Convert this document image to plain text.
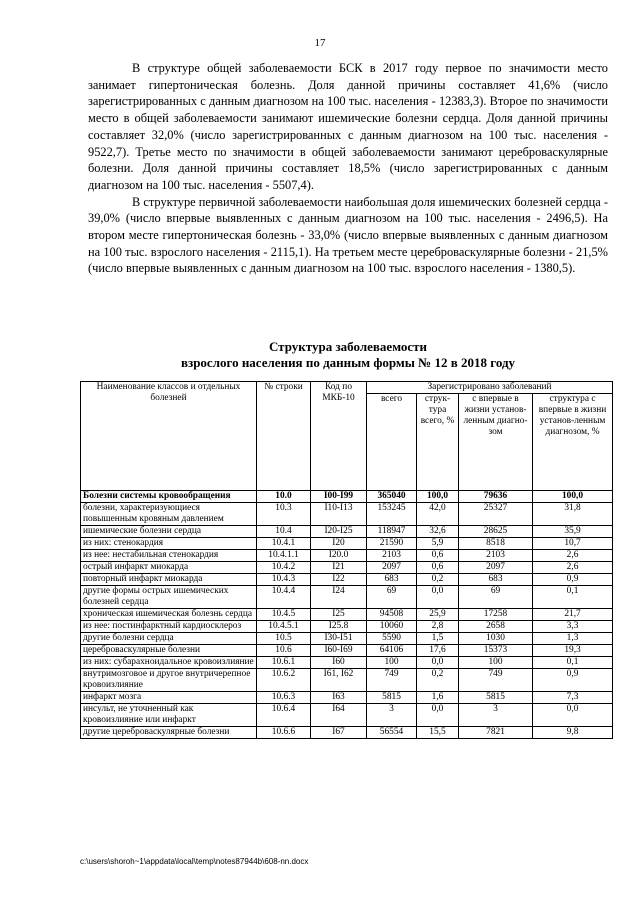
17

В структуре общей заболеваемости БСК в 2017 году первое по значимости место занимает гипертоническая болезнь. Доля данной причины составляет 41,6% (число зарегистрированных с данным диагнозом на 100 тыс. населения - 12383,3). Второе по значимости место в общей заболеваемости занимают ишемические болезни сердца. Доля данной причины составляет 32,0% (число зарегистрированных с данным диагнозом на 100 тыс. населения - 9522,7). Третье место по значимости в общей заболеваемости занимают цереброваскулярные болезни. Доля данной причины составляет 18,5% (число зарегистрированных с данным диагнозом на 100 тыс. населения - 5507,4).

В структуре первичной заболеваемости наибольшая доля ишемических болезней сердца - 39,0% (число впервые выявленных с данным диагнозом на 100 тыс. населения - 2496,5). На втором месте гипертоническая болезнь - 33,0% (число впервые выявленных с данным диагнозом на 100 тыс. взрослого населения - 2115,1). На третьем месте цереброваскулярные болезни - 21,5% (число впервые выявленных с данным диагнозом на 100 тыс. взрослого населения - 1380,5).

Структура заболеваемости
взрослого населения по данным формы № 12 в 2018 году
Наименование классов и отдельных болезней	№ строки	Код по МКБ-10	Зарегистрировано заболеваний			
			всего	струк-тура всего, %	с впервые в жизни установ-ленным диагно-зом	структура с впервые в жизни установ-ленным диагнозом, %
Болезни системы кровообращения	10.0	I00-I99	365040	100,0	79636	100,0
болезни, характеризующиеся повышенным кровяным давлением	10.3	I10-I13	153245	42,0	25327	31,8
ишемические болезни сердца	10.4	I20-I25	118947	32,6	28625	35,9
из них: стенокардия	10.4.1	I20	21590	5,9	8518	10,7
из нее: нестабильная стенокардия	10.4.1.1	I20.0	2103	0,6	2103	2,6
острый инфаркт миокарда	10.4.2	I21	2097	0,6	2097	2,6
повторный инфаркт миокарда	10.4.3	I22	683	0,2	683	0,9
другие формы острых ишемических болезней сердца	10.4.4	I24	69	0,0	69	0,1
хроническая ишемическая болезнь сердца	10.4.5	I25	94508	25,9	17258	21,7
из нее: постинфарктный кардиосклероз	10.4.5.1	I25.8	10060	2,8	2658	3,3
другие болезни сердца	10.5	I30-I51	5590	1,5	1030	1,3
цереброваскулярные болезни	10.6	I60-I69	64106	17,6	15373	19,3
из них: субарахноидальное кровоизлияние	10.6.1	I60	100	0,0	100	0,1
внутримозговое и другое внутричерепное кровоизлияние	10.6.2	I61, I62	749	0,2	749	0,9
инфаркт мозга	10.6.3	I63	5815	1,6	5815	7,3
инсульт, не уточненный как кровоизлияние или инфаркт	10.6.4	I64	3	0,0	3	0,0
другие цереброваскулярные болезни	10.6.6	I67	56554	15,5	7821	9,8
c:\users\shoroh~1\appdata\local\temp\notes87944b\608-nn.docx
